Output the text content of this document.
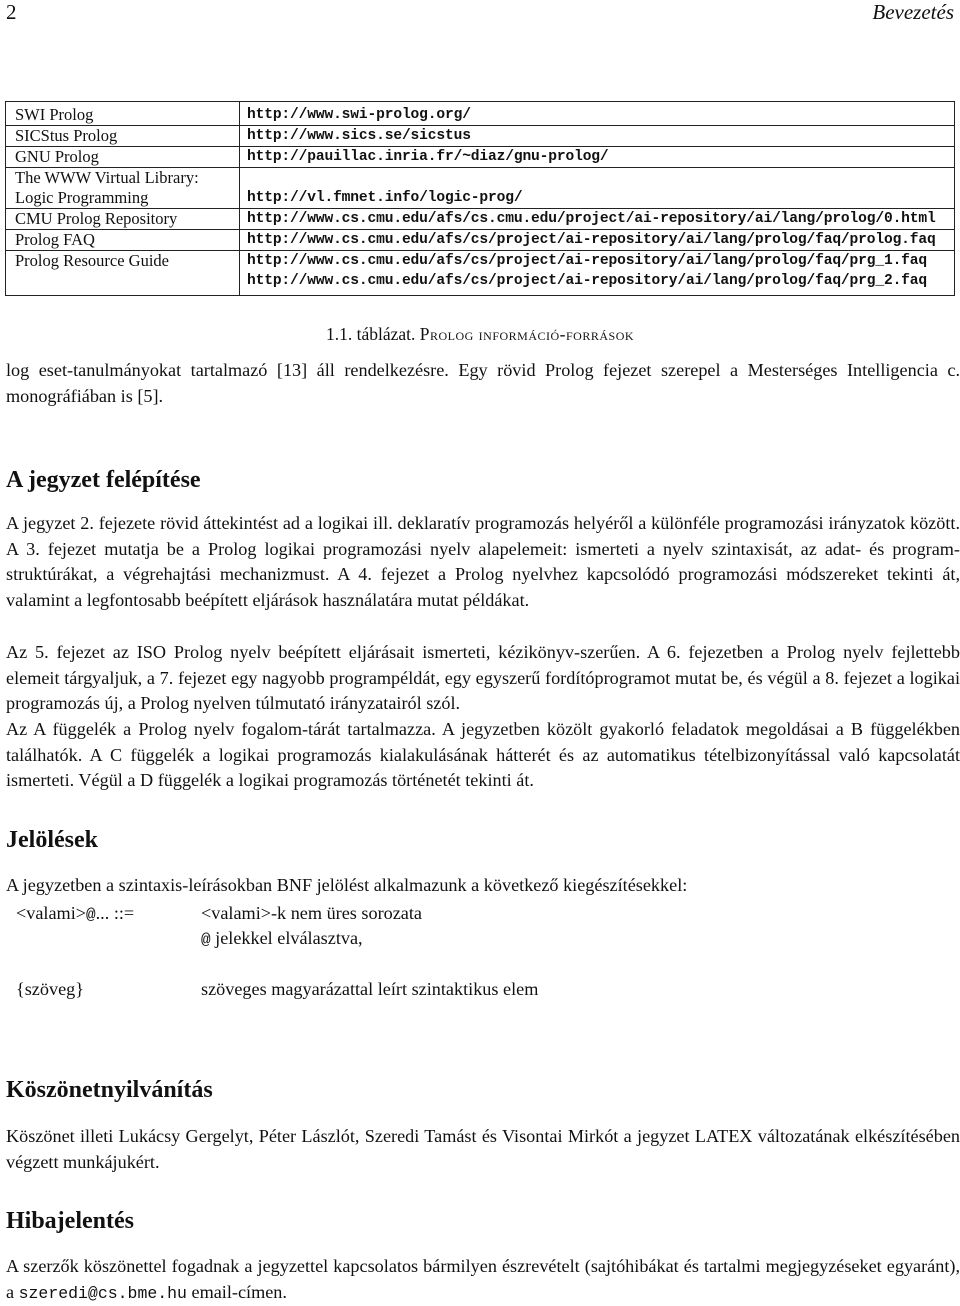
2	Bevezetés
SWI Prolog	http://www.swi-prolog.org/
SICStus Prolog	http://www.sics.se/sicstus
GNU Prolog	http://pauillac.inria.fr/~diaz/gnu-prolog/
The WWW Virtual Library:	
Logic Programming	http://vl.fmnet.info/logic-prog/
CMU Prolog Repository	http://www.cs.cmu.edu/afs/cs.cmu.edu/project/ai-repository/ai/lang/prolog/0.html
Prolog FAQ	http://www.cs.cmu.edu/afs/cs/project/ai-repository/ai/lang/prolog/faq/prolog.faq
Prolog Resource Guide	http://www.cs.cmu.edu/afs/cs/project/ai-repository/ai/lang/prolog/faq/prg_1.faq
	http://www.cs.cmu.edu/afs/cs/project/ai-repository/ai/lang/prolog/faq/prg_2.faq
1.1. táblázat. Prolog információ-források

log eset-tanulmányokat tartalmazó [13] áll rendelkezésre. Egy rövid Prolog fejezet szerepel a Mesterséges Intelligencia c. monográfiában is [5].

A jegyzet felépítése

A jegyzet 2. fejezete rövid áttekintést ad a logikai ill. deklaratív programozás helyéről a különféle programozási irányzatok között. A 3. fejezet mutatja be a Prolog logikai programozási nyelv alapelemeit: ismerteti a nyelv szintaxisát, az adat- és program-struktúrákat, a végrehajtási mechanizmust. A 4. fejezet a Prolog nyelvhez kapcsolódó programozási módszereket tekinti át, valamint a legfontosabb beépített eljárások használatára mutat példákat.

Az 5. fejezet az ISO Prolog nyelv beépített eljárásait ismerteti, kézikönyv-szerűen. A 6. fejezetben a Prolog nyelv fejlettebb elemeit tárgyaljuk, a 7. fejezet egy nagyobb programpéldát, egy egyszerű fordítóprogramot mutat be, és végül a 8. fejezet a logikai programozás új, a Prolog nyelven túlmutató irányzatairól szól.

Az A függelék a Prolog nyelv fogalom-tárát tartalmazza. A jegyzetben közölt gyakorló feladatok megoldásai a B függelékben találhatók. A C függelék a logikai programozás kialakulásának hátterét és az automatikus tételbizonyítással való kapcsolatát ismerteti. Végül a D függelék a logikai programozás történetét tekinti át.

Jelölések

A jegyzetben a szintaxis-leírásokban BNF jelölést alkalmazunk a következő kiegészítésekkel:

<valami>@... ::=	<valami>-k nem üres sorozata
@ jelekkel elválasztva,
{szöveg}	szöveges magyarázattal leírt szintaktikus elem
Köszönetnyilvánítás

Köszönet illeti Lukácsy Gergelyt, Péter Lászlót, Szeredi Tamást és Visontai Mirkót a jegyzet LATEX változatának elkészítésében végzett munkájukért.

Hibajelentés

A szerzők köszönettel fogadnak a jegyzettel kapcsolatos bármilyen észrevételt (sajtóhibákat és tartalmi megjegyzéseket egyaránt), a szeredi@cs.bme.hu email-címen.
